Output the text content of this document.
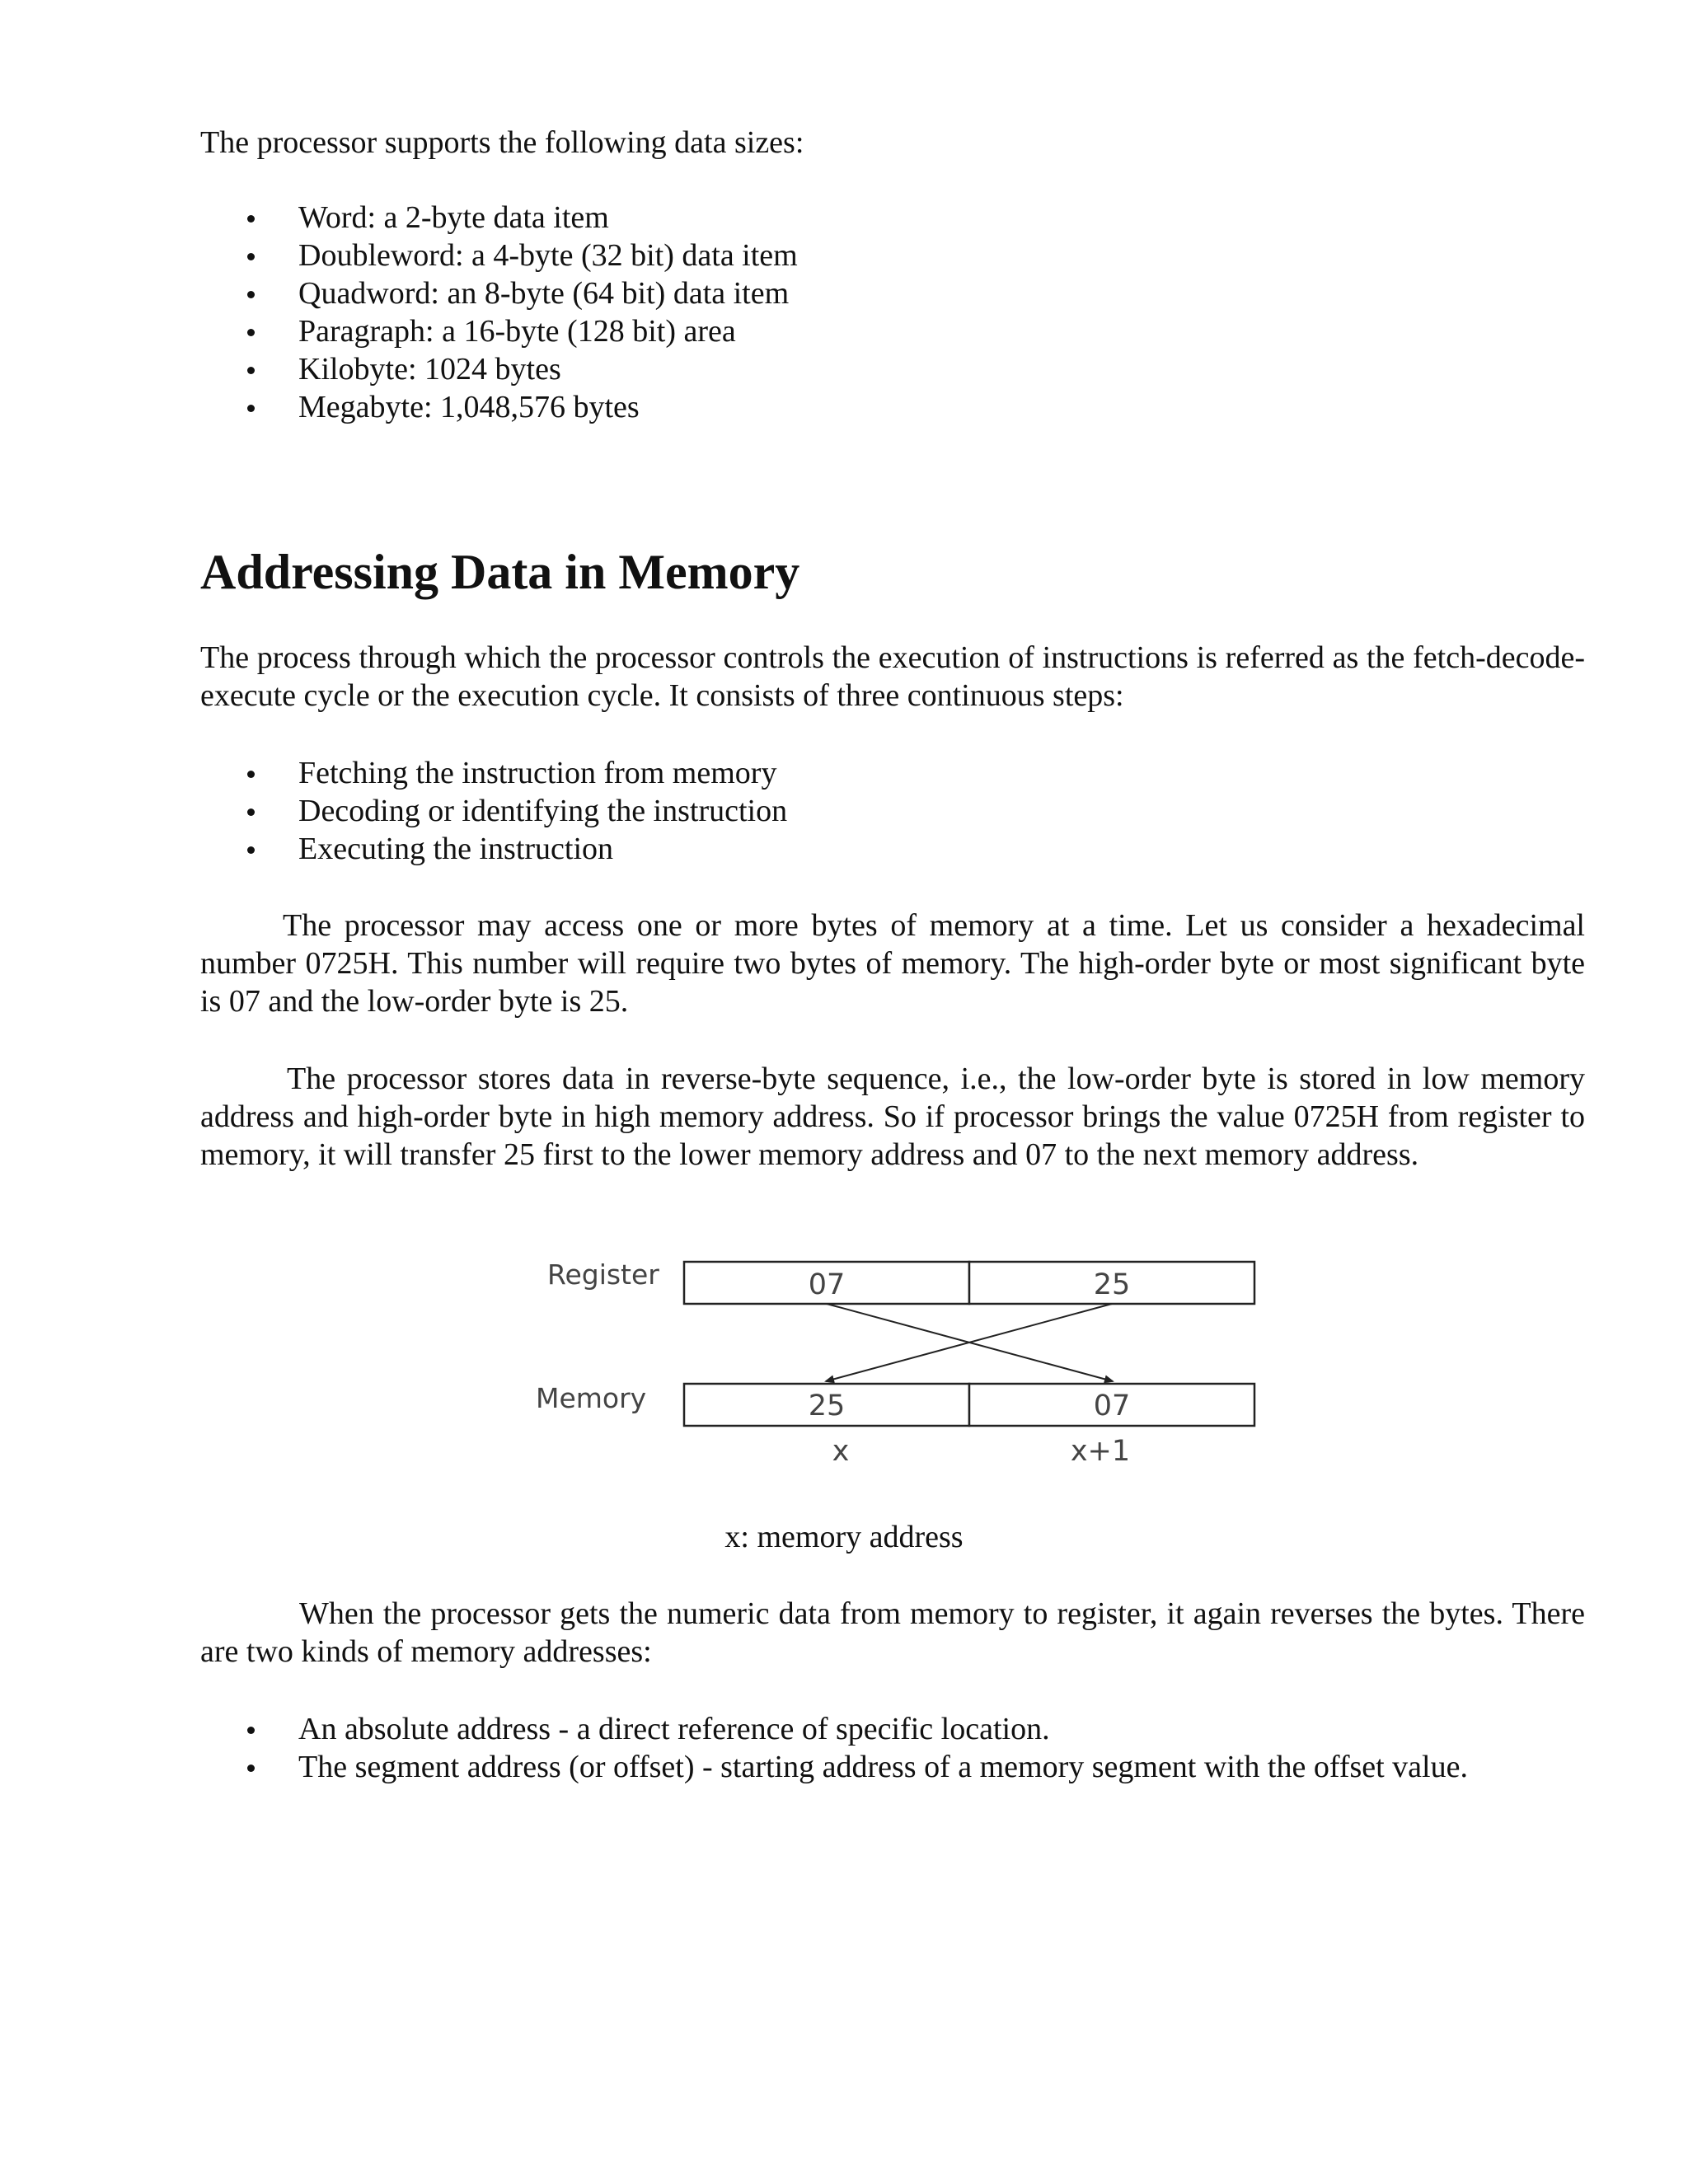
The processor supports the following data sizes:
Word: a 2-byte data item
Doubleword: a 4-byte (32 bit) data item
Quadword: an 8-byte (64 bit) data item
Paragraph: a 16-byte (128 bit) area
Kilobyte: 1024 bytes
Megabyte: 1,048,576 bytes
Addressing Data in Memory
The process through which the processor controls the execution of instructions is referred as the fetch-decode-execute cycle or the execution cycle. It consists of three continuous steps:
Fetching the instruction from memory
Decoding or identifying the instruction
Executing the instruction
The processor may access one or more bytes of memory at a time. Let us consider a hexadecimal number 0725H. This number will require two bytes of memory. The high-order byte or most significant byte is 07 and the low-order byte is 25.
The processor stores data in reverse-byte sequence, i.e., the low-order byte is stored in low memory address and high-order byte in high memory address. So if processor brings the value 0725H from register to memory, it will transfer 25 first to the lower memory address and 07 to the next memory address.
Register
Memory
07	25
25	07
x	x+1
x: memory address
When the processor gets the numeric data from memory to register, it again reverses the bytes. There are two kinds of memory addresses:
An absolute address - a direct reference of specific location.
The segment address (or offset) - starting address of a memory segment with the offset value.
